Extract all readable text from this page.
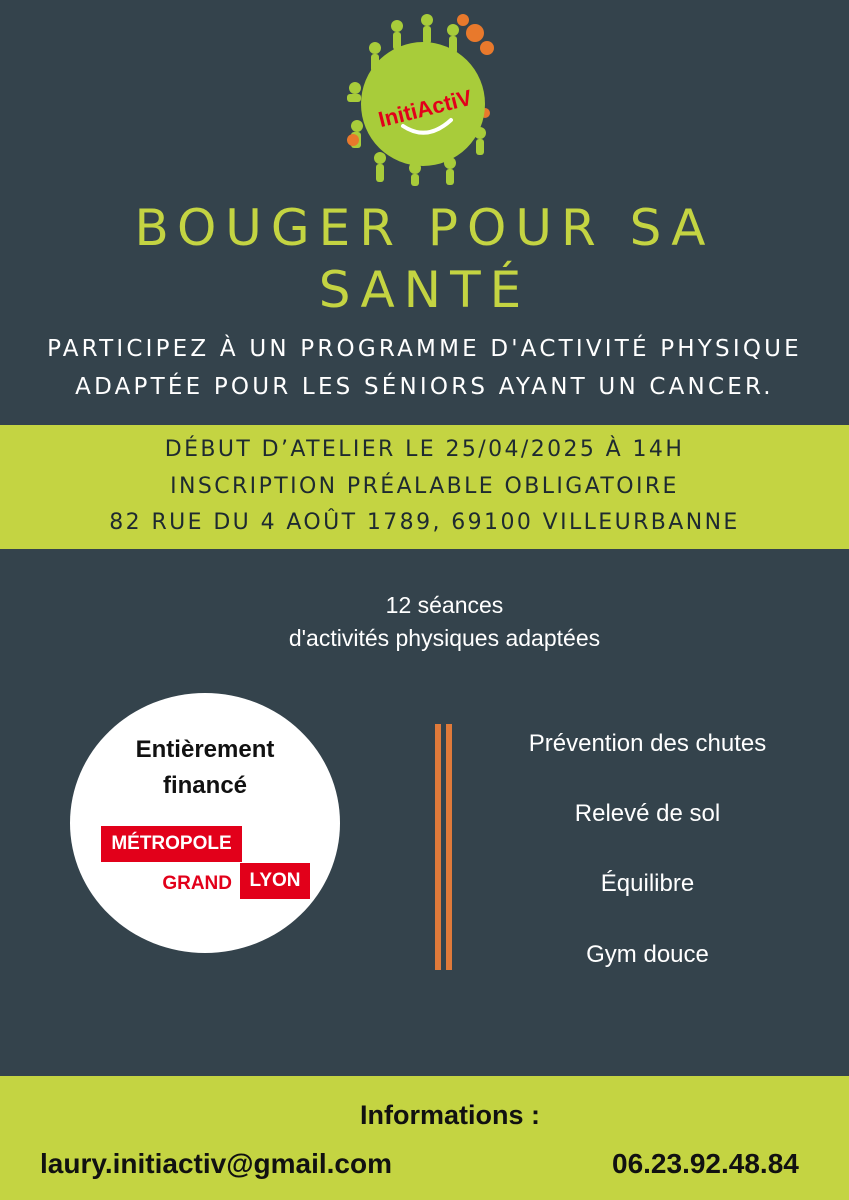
InitiActiV
BOUGER POUR SA
SANTÉ
PARTICIPEZ À UN PROGRAMME D'ACTIVITÉ PHYSIQUE
ADAPTÉE POUR LES SÉNIORS AYANT UN CANCER.
DÉBUT D’ATELIER LE 25/04/2025 À 14H
INSCRIPTION PRÉALABLE OBLIGATOIRE
82 RUE DU 4 AOÛT 1789, 69100 VILLEURBANNE
12 séances
d'activités physiques adaptées
Entièrement
financé
MÉTROPOLE
GRAND LYON
Prévention des chutes
Relevé de sol
Équilibre
Gym douce
Informations :
laury.initiactiv@gmail.com	06.23.92.48.84
